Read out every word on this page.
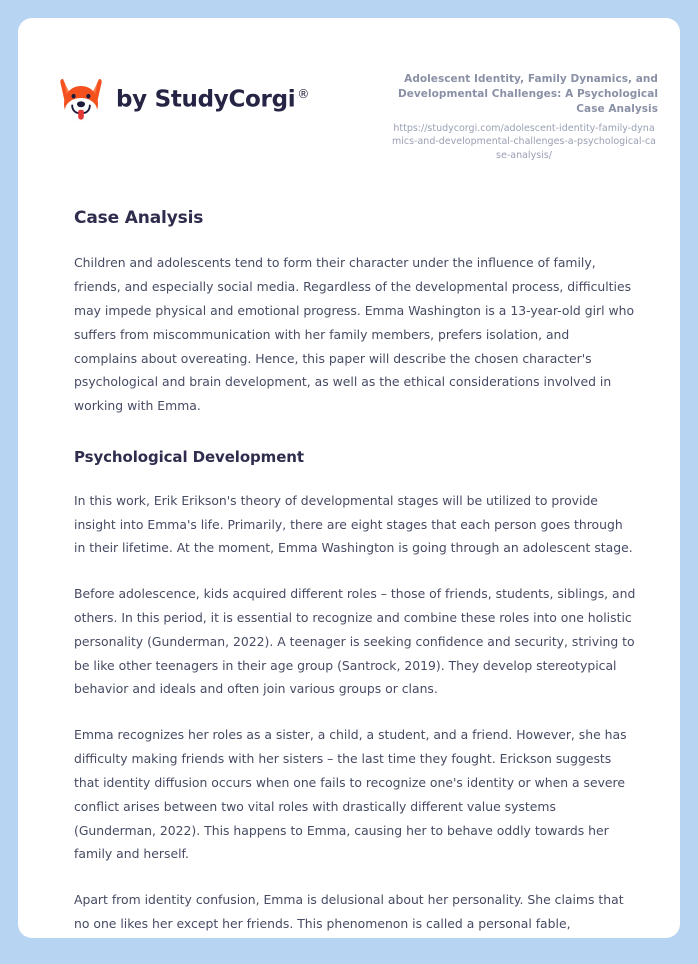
by StudyCorgi ®
Adolescent Identity, Family Dynamics, and Developmental Challenges: A Psychological Case Analysis
https://studycorgi.com/adolescent-identity-family-dynamics-and-developmental-challenges-a-psychological-case-analysis/
Case Analysis

Children and adolescents tend to form their character under the influence of family, friends, and especially social media. Regardless of the developmental process, difficulties may impede physical and emotional progress. Emma Washington is a 13-year-old girl who suffers from miscommunication with her family members, prefers isolation, and complains about overeating. Hence, this paper will describe the chosen character's psychological and brain development, as well as the ethical considerations involved in working with Emma.

Psychological Development

In this work, Erik Erikson's theory of developmental stages will be utilized to provide insight into Emma's life. Primarily, there are eight stages that each person goes through in their lifetime. At the moment, Emma Washington is going through an adolescent stage.

Before adolescence, kids acquired different roles – those of friends, students, siblings, and others. In this period, it is essential to recognize and combine these roles into one holistic personality (Gunderman, 2022). A teenager is seeking confidence and security, striving to be like other teenagers in their age group (Santrock, 2019). They develop stereotypical behavior and ideals and often join various groups or clans.

Emma recognizes her roles as a sister, a child, a student, and a friend. However, she has difficulty making friends with her sisters – the last time they fought. Erickson suggests that identity diffusion occurs when one fails to recognize one's identity or when a severe conflict arises between two vital roles with drastically different value systems (Gunderman, 2022). This happens to Emma, causing her to behave oddly towards her family and herself.

Apart from identity confusion, Emma is delusional about her personality. She claims that no one likes her except her friends. This phenomenon is called a personal fable,
